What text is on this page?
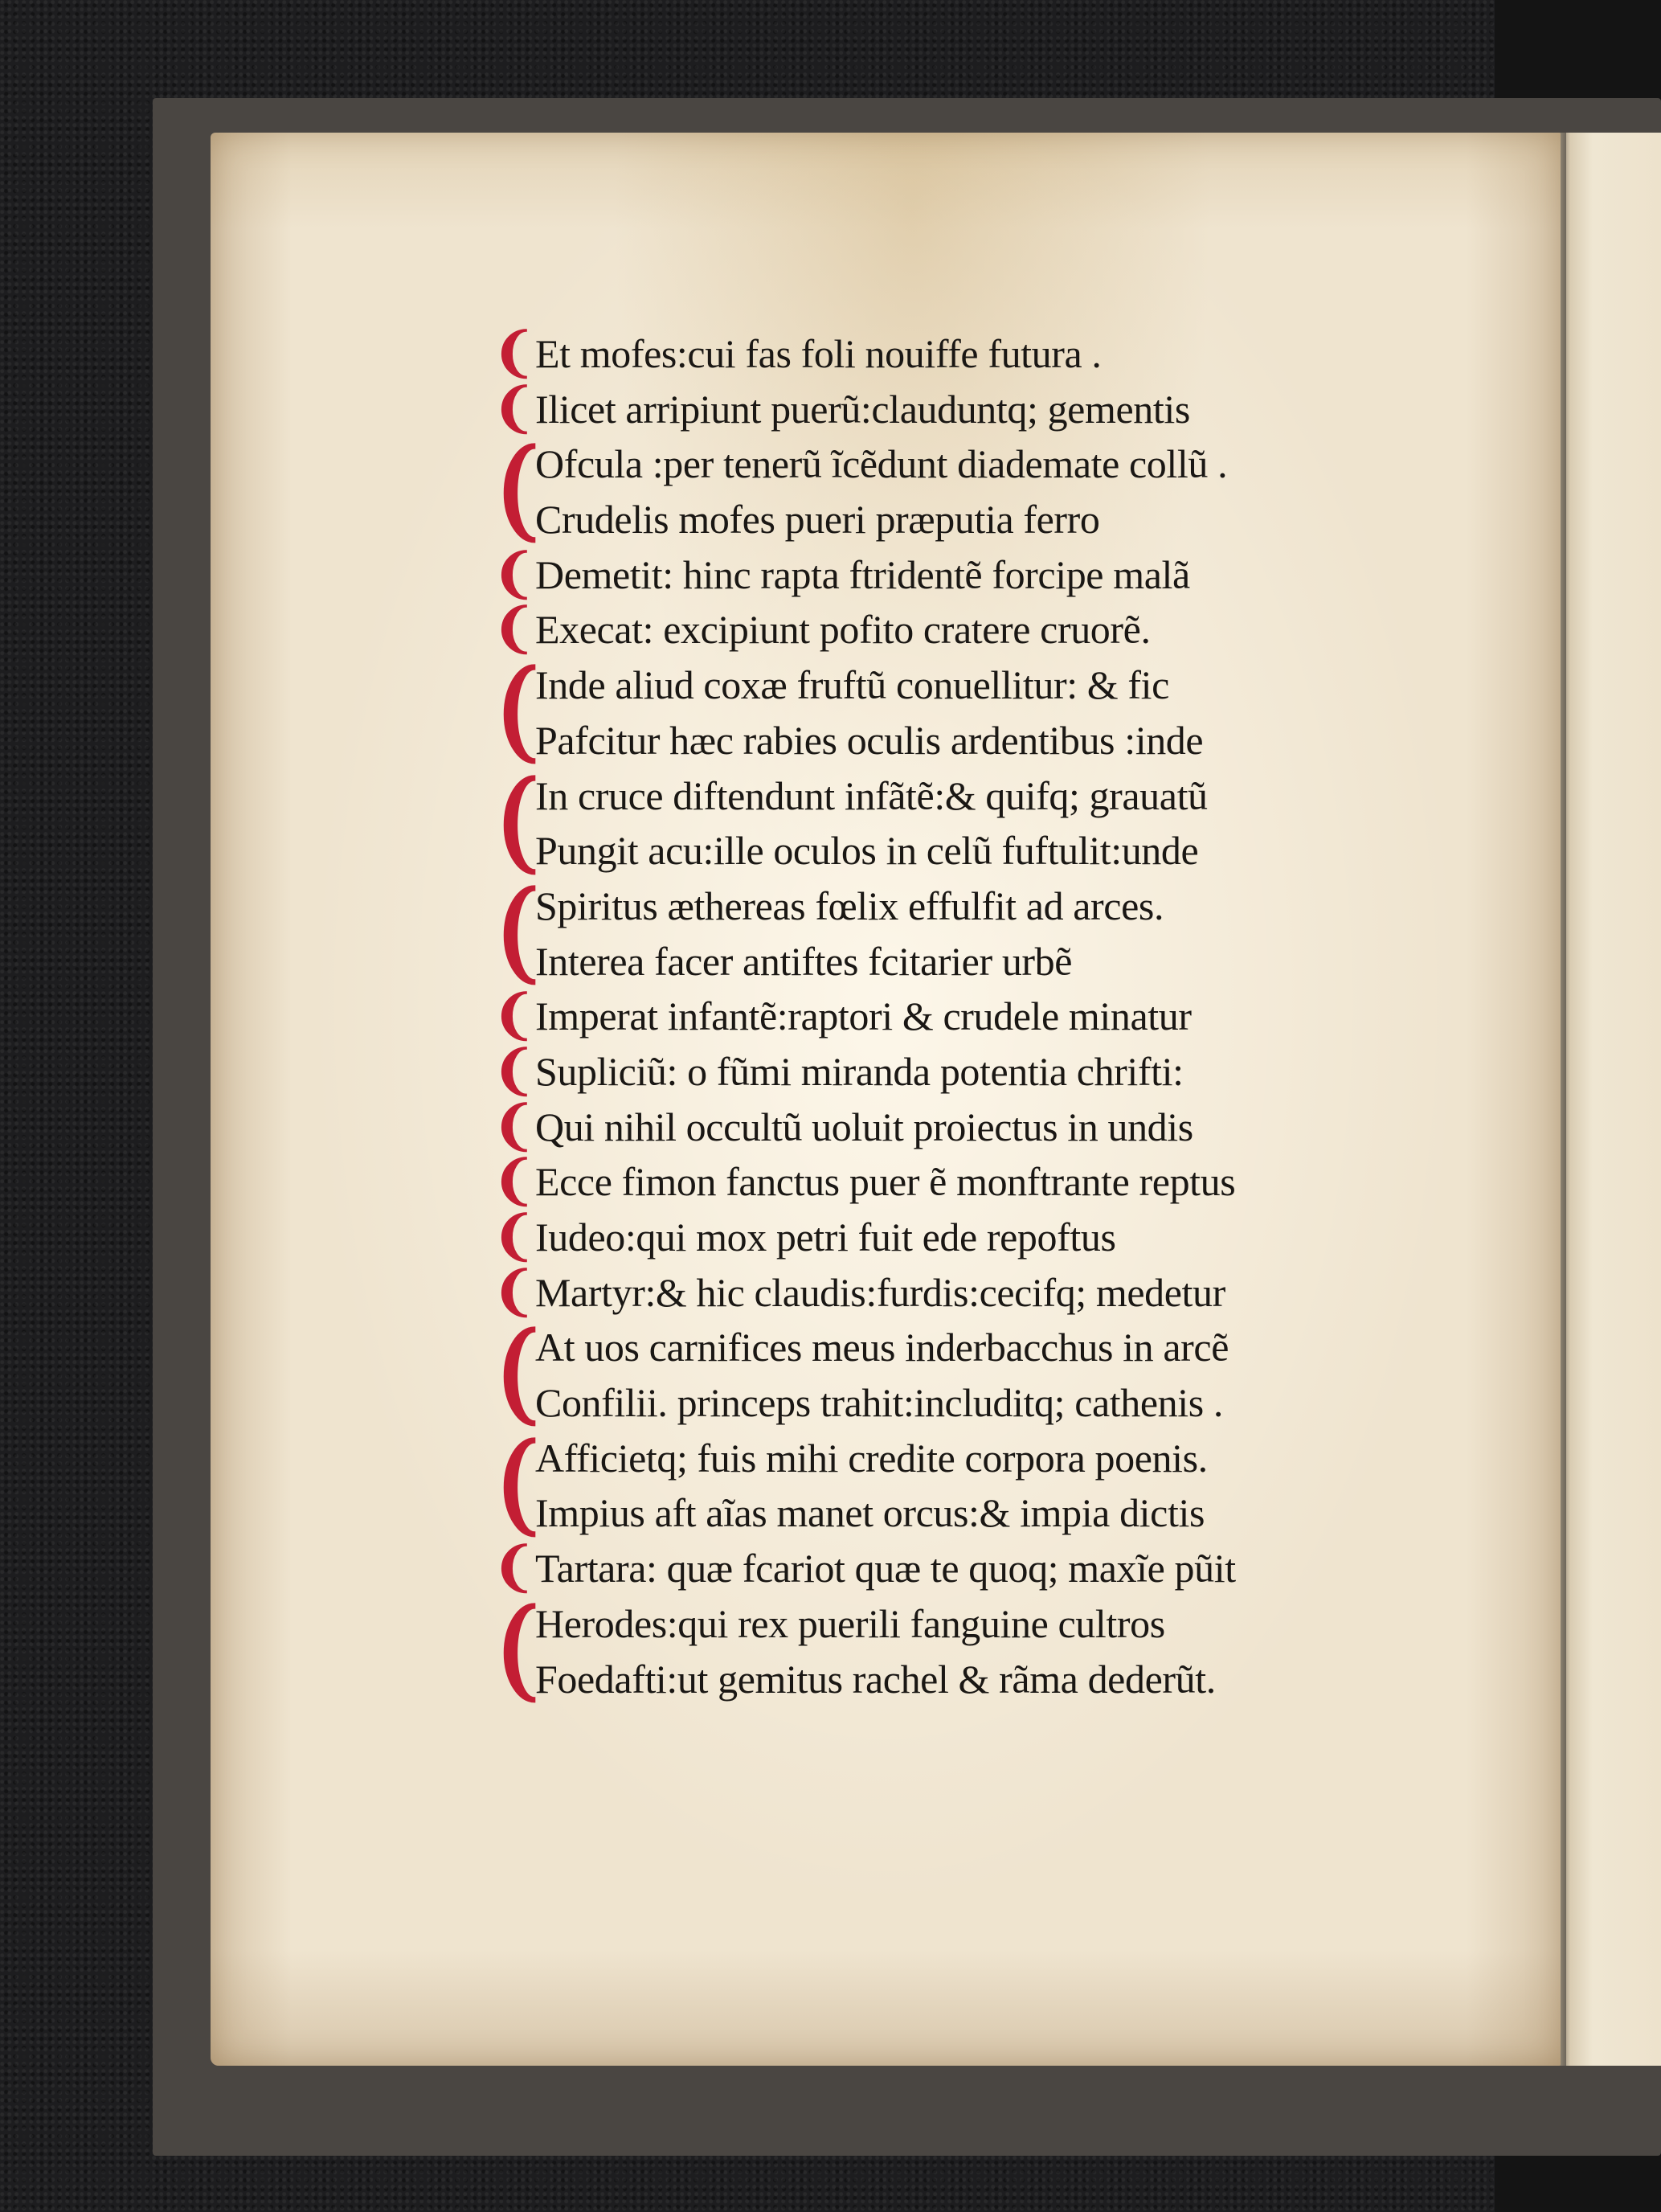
❨
Et mofes:cui fas foli nouiffe futura .
❨
Ilicet arripiunt puerũ:clauduntq; gementis
❨
Ofcula :per tenerũ ĩcẽdunt diademate collũ .
Crudelis mofes pueri præputia ferro
❨
Demetit: hinc rapta ftridentẽ forcipe malã
❨
Execat: excipiunt pofito cratere cruorẽ.
❨
Inde aliud coxæ fruftũ conuellitur: & fic
Pafcitur hæc rabies oculis ardentibus :inde
❨
In cruce diftendunt infãtẽ:& quifq; grauatũ
Pungit acu:ille oculos in celũ fuftulit:unde
❨
Spiritus æthereas fœlix effulfit ad arces.
Interea facer antiftes fcitarier urbẽ
❨
Imperat infantẽ:raptori & crudele minatur
❨
Supliciũ: o fũmi miranda potentia chrifti:
❨
Qui nihil occultũ uoluit proiectus in undis
❨
Ecce fimon fanctus puer ẽ monftrante reptus
❨
Iudeo:qui mox petri fuit ede repoftus
❨
Martyr:& hic claudis:furdis:cecifq; medetur
❨
At uos carnifices meus inderbacchus in arcẽ
Confilii. princeps trahit:includitq; cathenis .
❨
Afficietq; fuis mihi credite corpora poenis.
Impius aft aĩas manet orcus:& impia dictis
❨
Tartara: quæ fcariot quæ te quoq; maxĩe pũit
❨
Herodes:qui rex puerili fanguine cultros
Foedafti:ut gemitus rachel & rãma dederũt.
